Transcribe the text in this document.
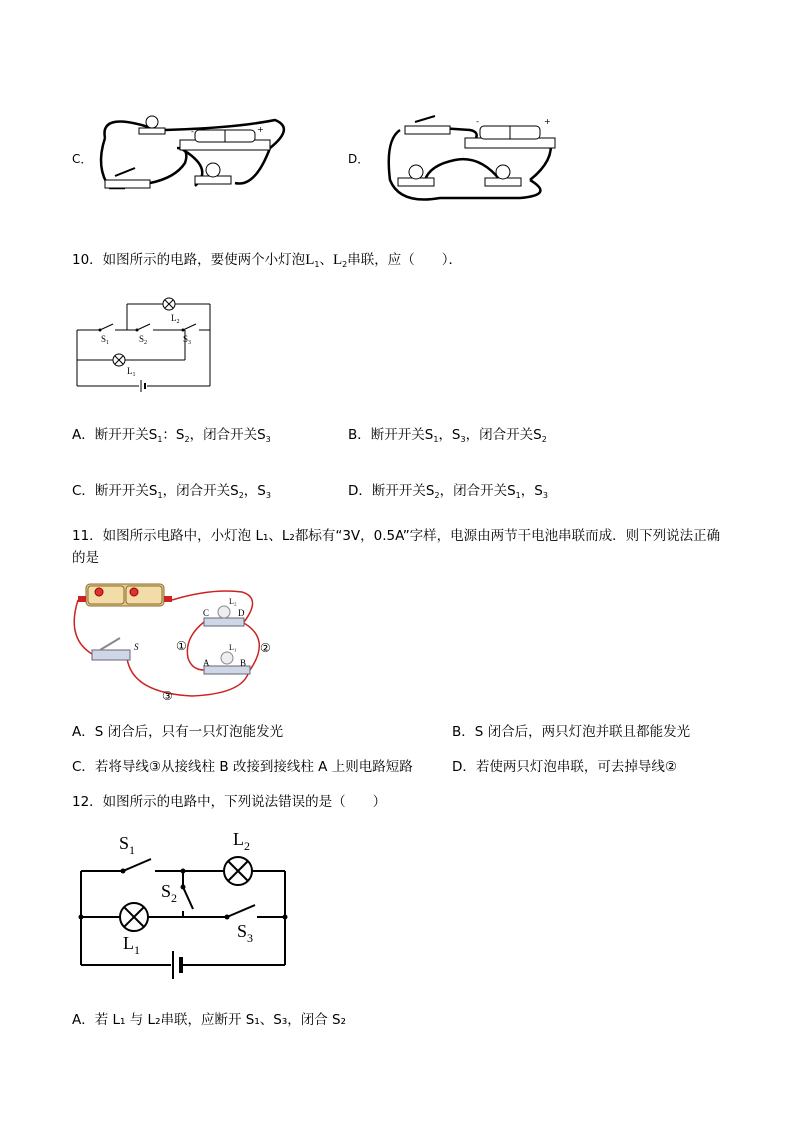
C．
-	+
D．
-	+
10．如图所示的电路，要使两个小灯泡$L_1$、$L_2$串联，应（　　）．
$L_2$
$S_1$	$S_2$	$S_3$
$L_1$
A．断开开关$S_1$：$S_2$，闭合开关$S_3$	B．断开开关$S_1$，$S_3$，闭合开关$S_2$
C．断开开关$S_1$，闭合开关$S_2$，$S_3$	D．断开开关$S_2$，闭合开关$S_1$，$S_3$
11．如图所示电路中，小灯泡 L₁、L₂都标有“3V，0.5A”字样，电源由两节干电池串联而成．则下列说法正确
的是
C	D
L₂
A	B
L₁
S	①	②
③
A．S 闭合后，只有一只灯泡能发光	B．S 闭合后，两只灯泡并联且都能发光
C．若将导线③从接线柱 B 改接到接线柱 A 上则电路短路	D．若使两只灯泡串联，可去掉导线②
12．如图所示的电路中，下列说法错误的是（　　）
$S_1$
$L_2$
$S_2$
$L_1$
$S_3$
A．若 L₁ 与 L₂串联，应断开 S₁、S₃，闭合 S₂
